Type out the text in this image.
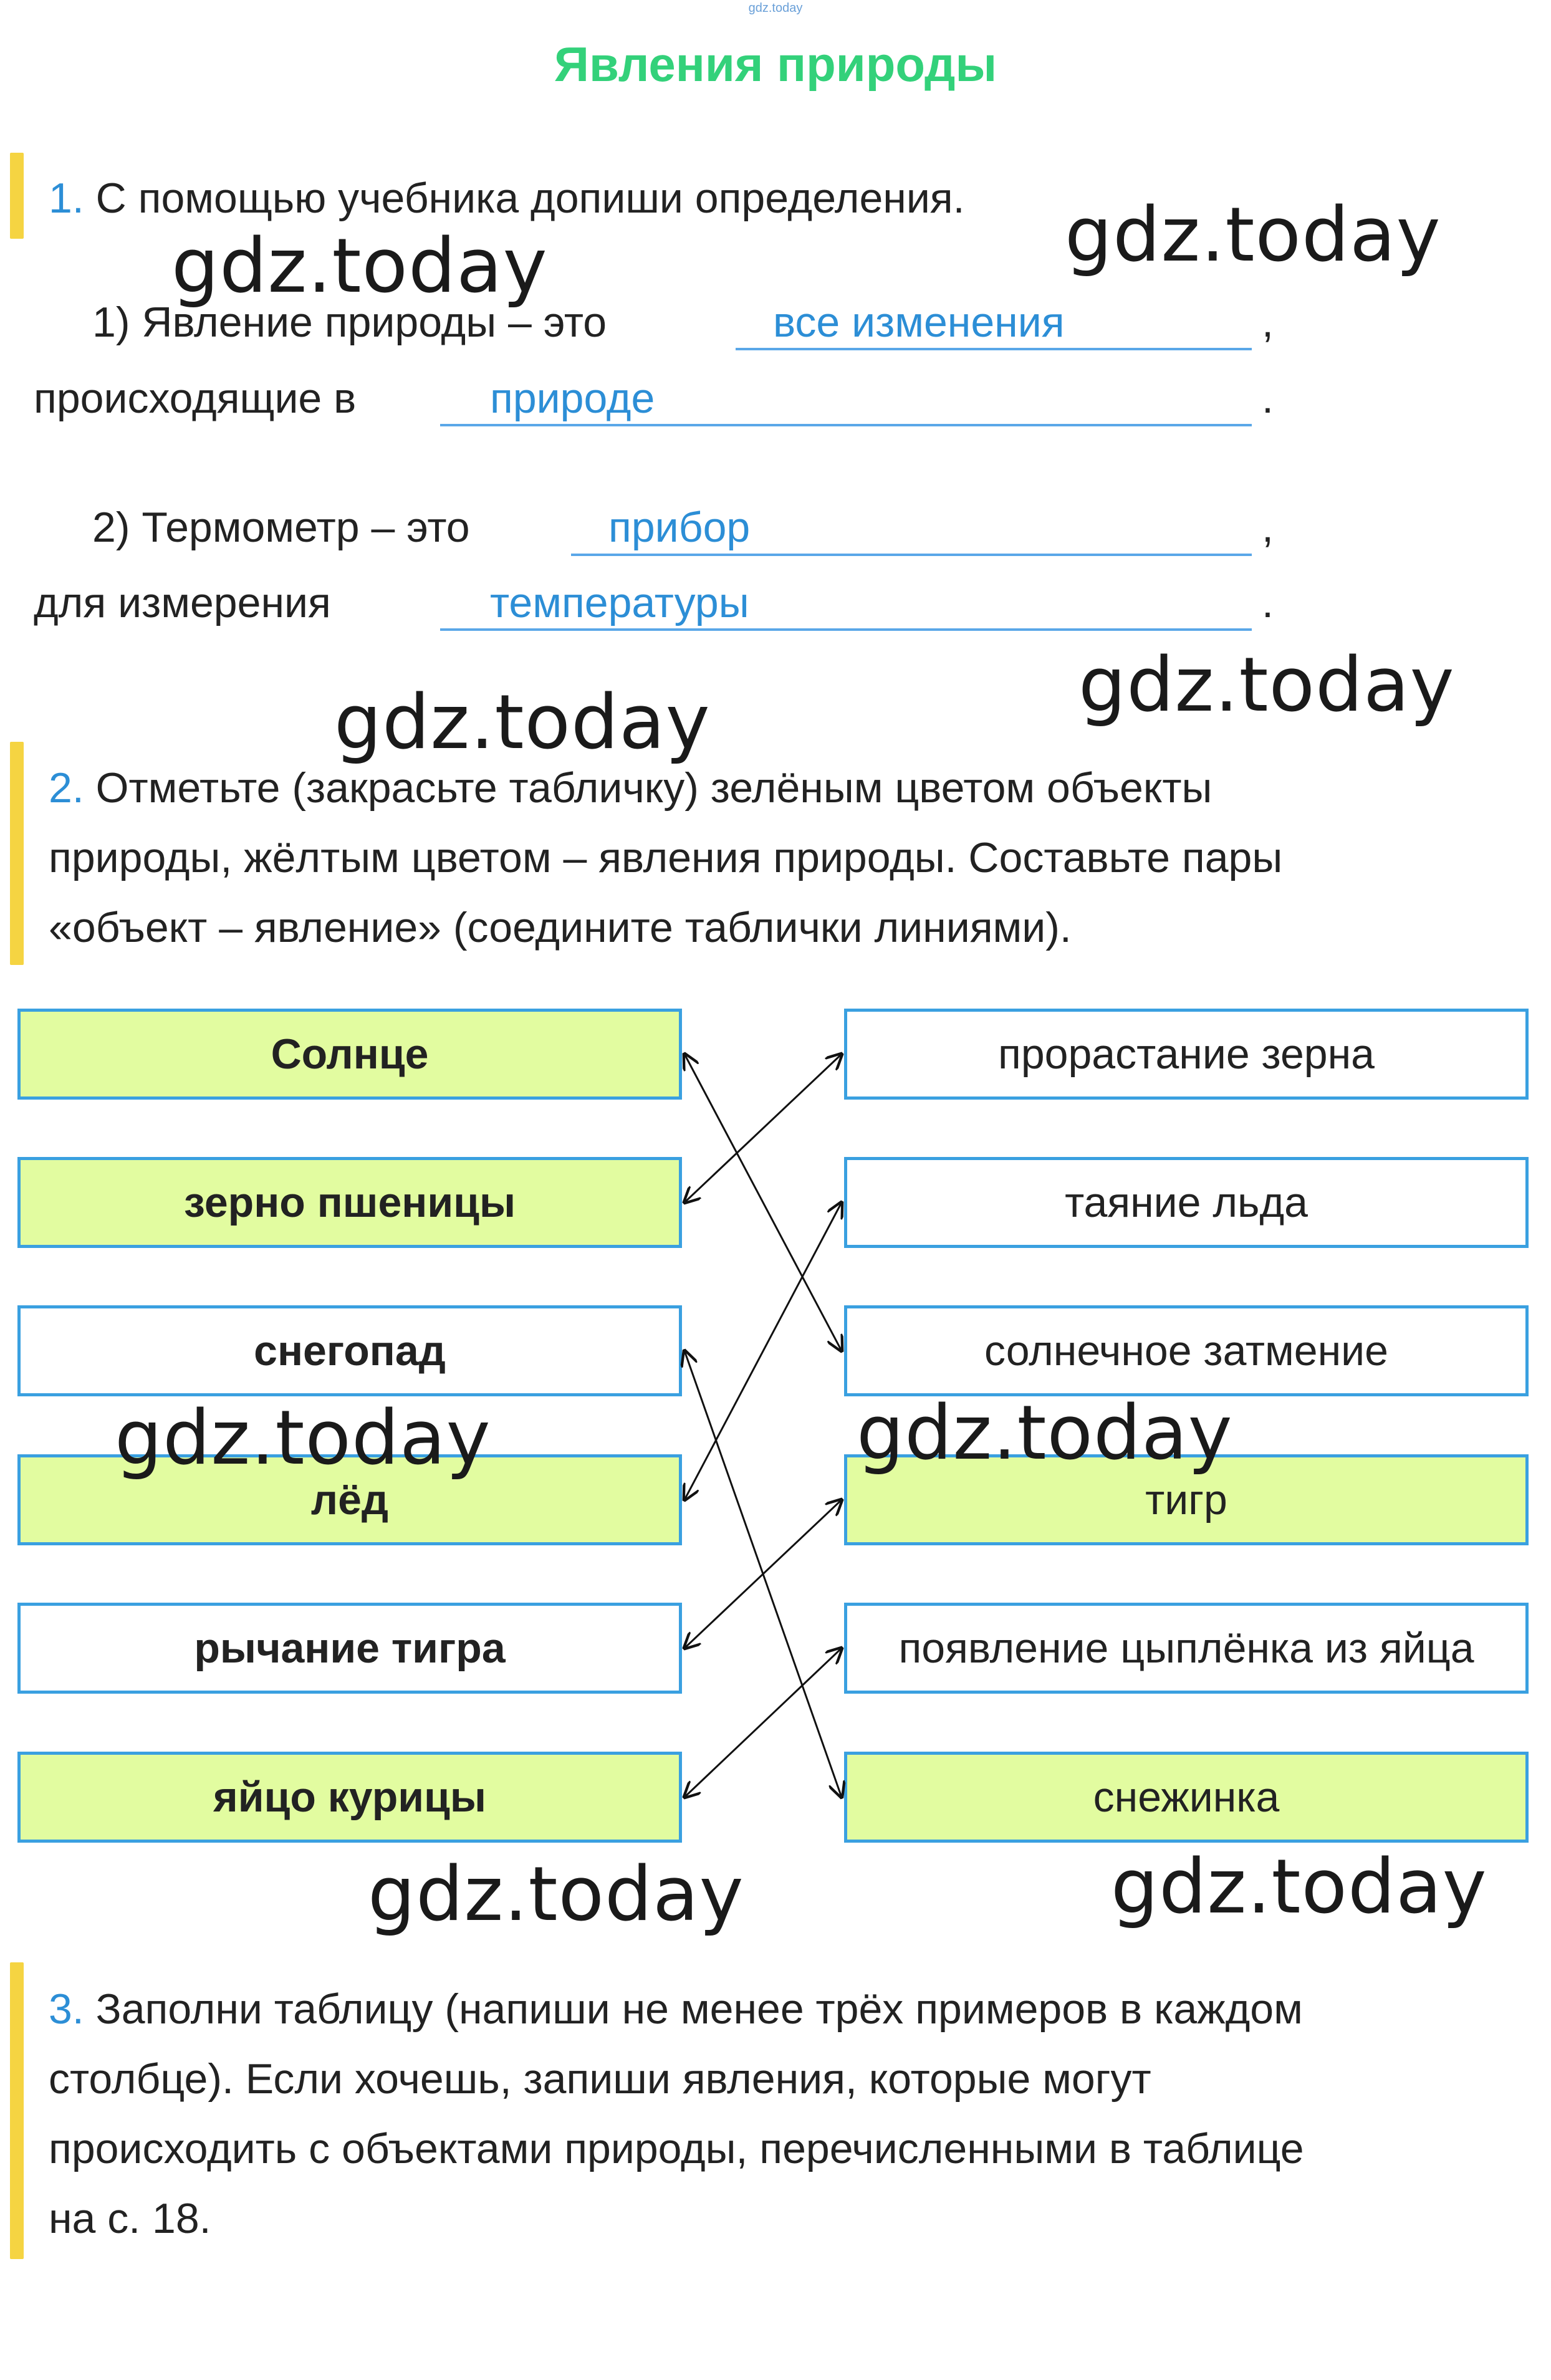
gdz.today
Явления природы
1. С помощью учебника допиши определения.
1) Явление природы – это	все изменения	,
происходящие в	природе	.
2) Термометр – это	прибор	,
для измерения	температуры	.
2. Отметьте (закрасьте табличку) зелёным цветом объекты
природы, жёлтым цветом – явления природы. Составьте пары
«объект – явление» (соедините таблички линиями).
Солнце
зерно пшеницы
снегопад
лёд
рычание тигра
яйцо курицы
прорастание зерна
таяние льда
солнечное затмение
тигр
появление цыплёнка из яйца
снежинка
3. Заполни таблицу (напиши не менее трёх примеров в каждом
столбце). Если хочешь, запиши явления, которые могут
происходить с объектами природы, перечисленными в таблице
на с. 18.
gdz.today	gdz.today
gdz.today	gdz.today
gdz.today	gdz.today
gdz.today	gdz.today
